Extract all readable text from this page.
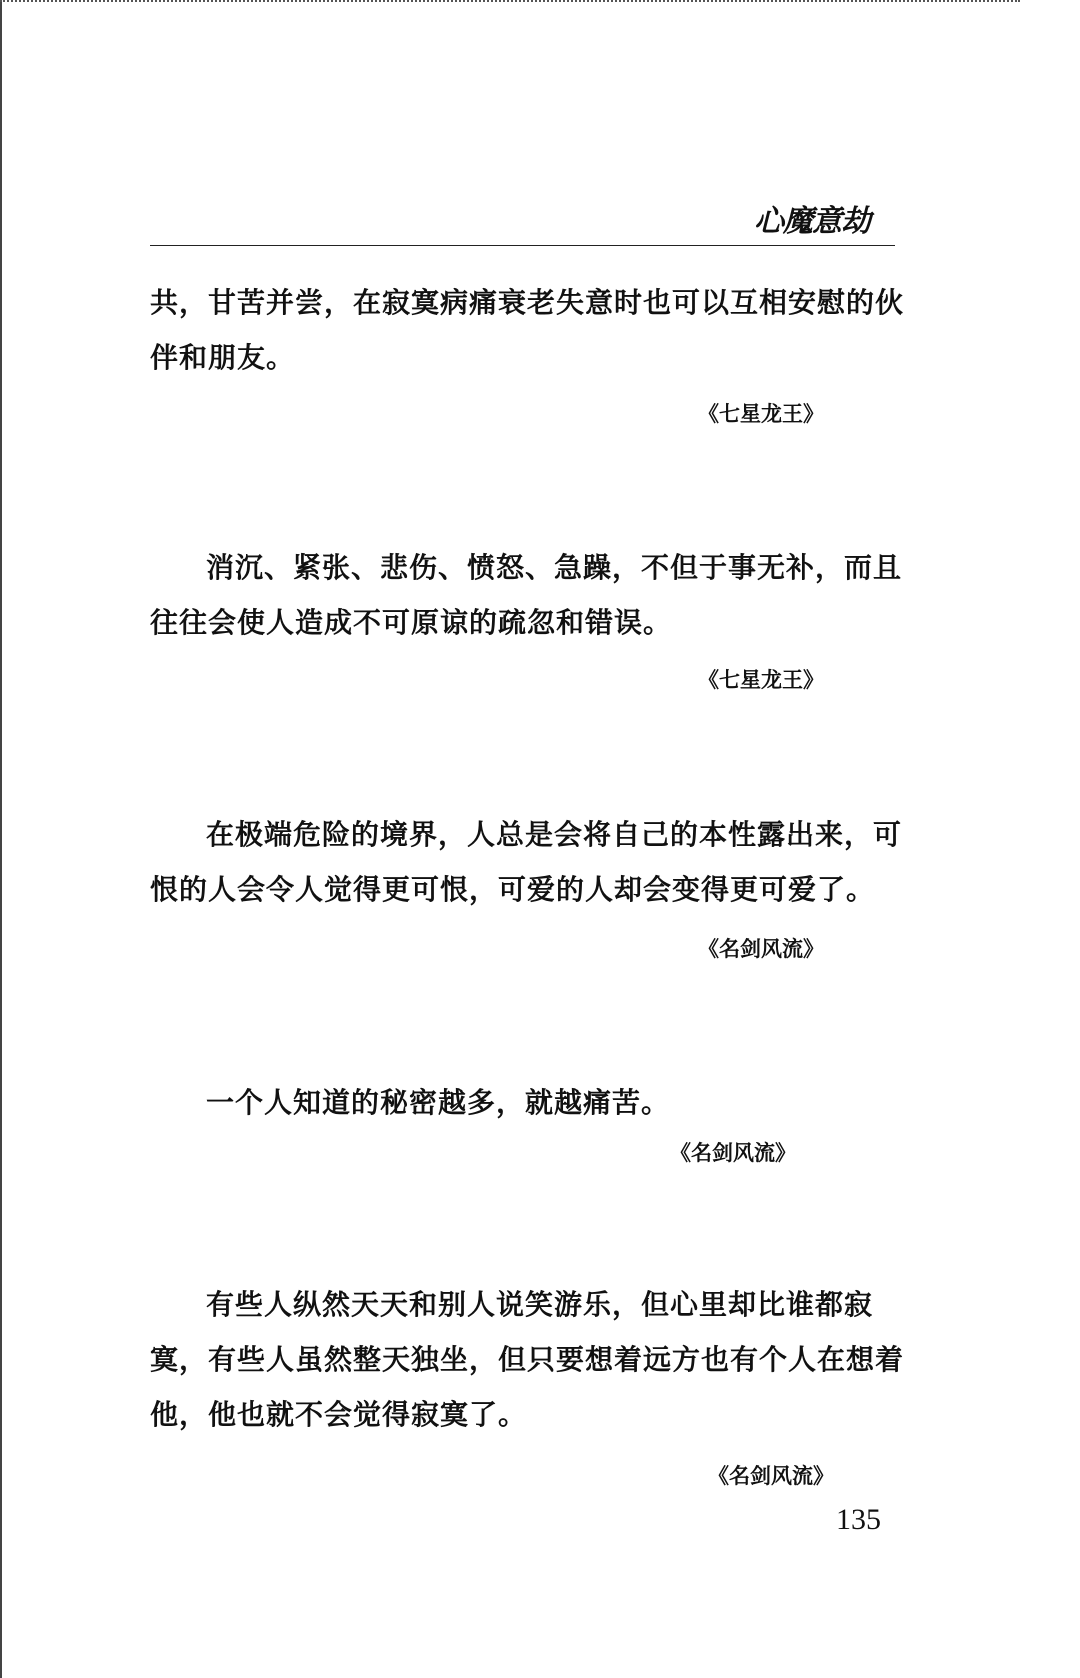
心魔意劫
共，甘苦并尝，在寂寞病痛衰老失意时也可以互相安慰的伙伴和朋友。
《七星龙王》
消沉、紧张、悲伤、愤怒、急躁，不但于事无补，而且往往会使人造成不可原谅的疏忽和错误。
《七星龙王》
在极端危险的境界，人总是会将自己的本性露出来，可恨的人会令人觉得更可恨，可爱的人却会变得更可爱了。
《名剑风流》
一个人知道的秘密越多，就越痛苦。
《名剑风流》
有些人纵然天天和别人说笑游乐，但心里却比谁都寂寞，有些人虽然整天独坐，但只要想着远方也有个人在想着他，他也就不会觉得寂寞了。
《名剑风流》
135
